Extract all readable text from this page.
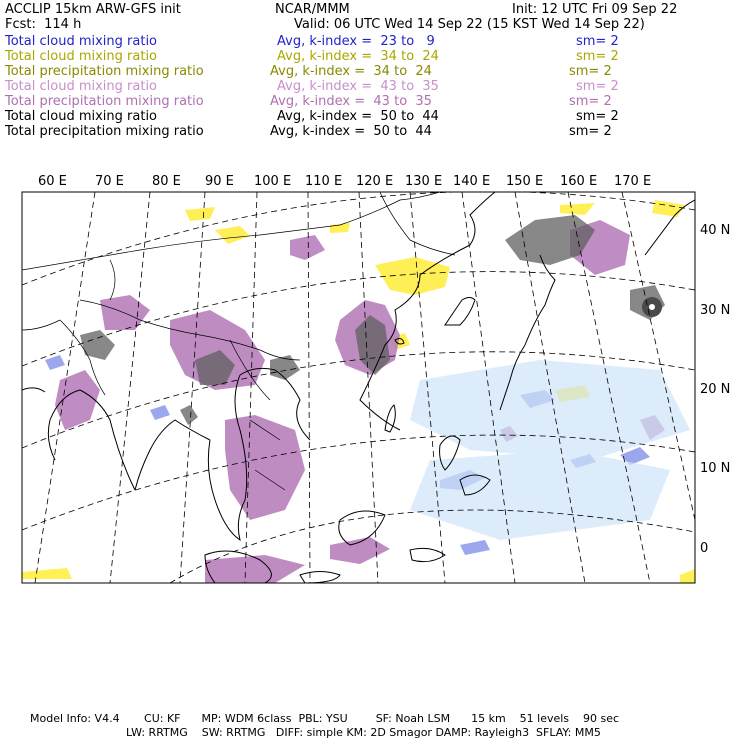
ACCLIP 15km ARW-GFS init	NCAR/MMM	Init: 12 UTC Fri 09 Sep 22
Fcst:  114 h	Valid: 06 UTC Wed 14 Sep 22 (15 KST Wed 14 Sep 22)
Total cloud mixing ratio	Avg, k-index =  23 to   9	sm= 2
Total cloud mixing ratio	Avg, k-index =  34 to  24	sm= 2
Total precipitation mixing ratio	Avg, k-index =  34 to  24	sm= 2
Total cloud mixing ratio	Avg, k-index =  43 to  35	sm= 2
Total precipitation mixing ratio	Avg, k-index =  43 to  35	sm= 2
Total cloud mixing ratio	Avg, k-index =  50 to  44	sm= 2
Total precipitation mixing ratio	Avg, k-index =  50 to  44	sm= 2
60 E 70 E 80 E 90 E 100 E 110 E 120 E 130 E 140 E 150 E 160 E 170 E
40 N
30 N
20 N
10 N
0
Model Info: V4.4       CU: KF      MP: WDM 6class  PBL: YSU        SF: Noah LSM      15 km    51 levels    90 sec
LW: RRTMG    SW: RRTMG   DIFF: simple KM: 2D Smagor DAMP: Rayleigh3  SFLAY: MM5
